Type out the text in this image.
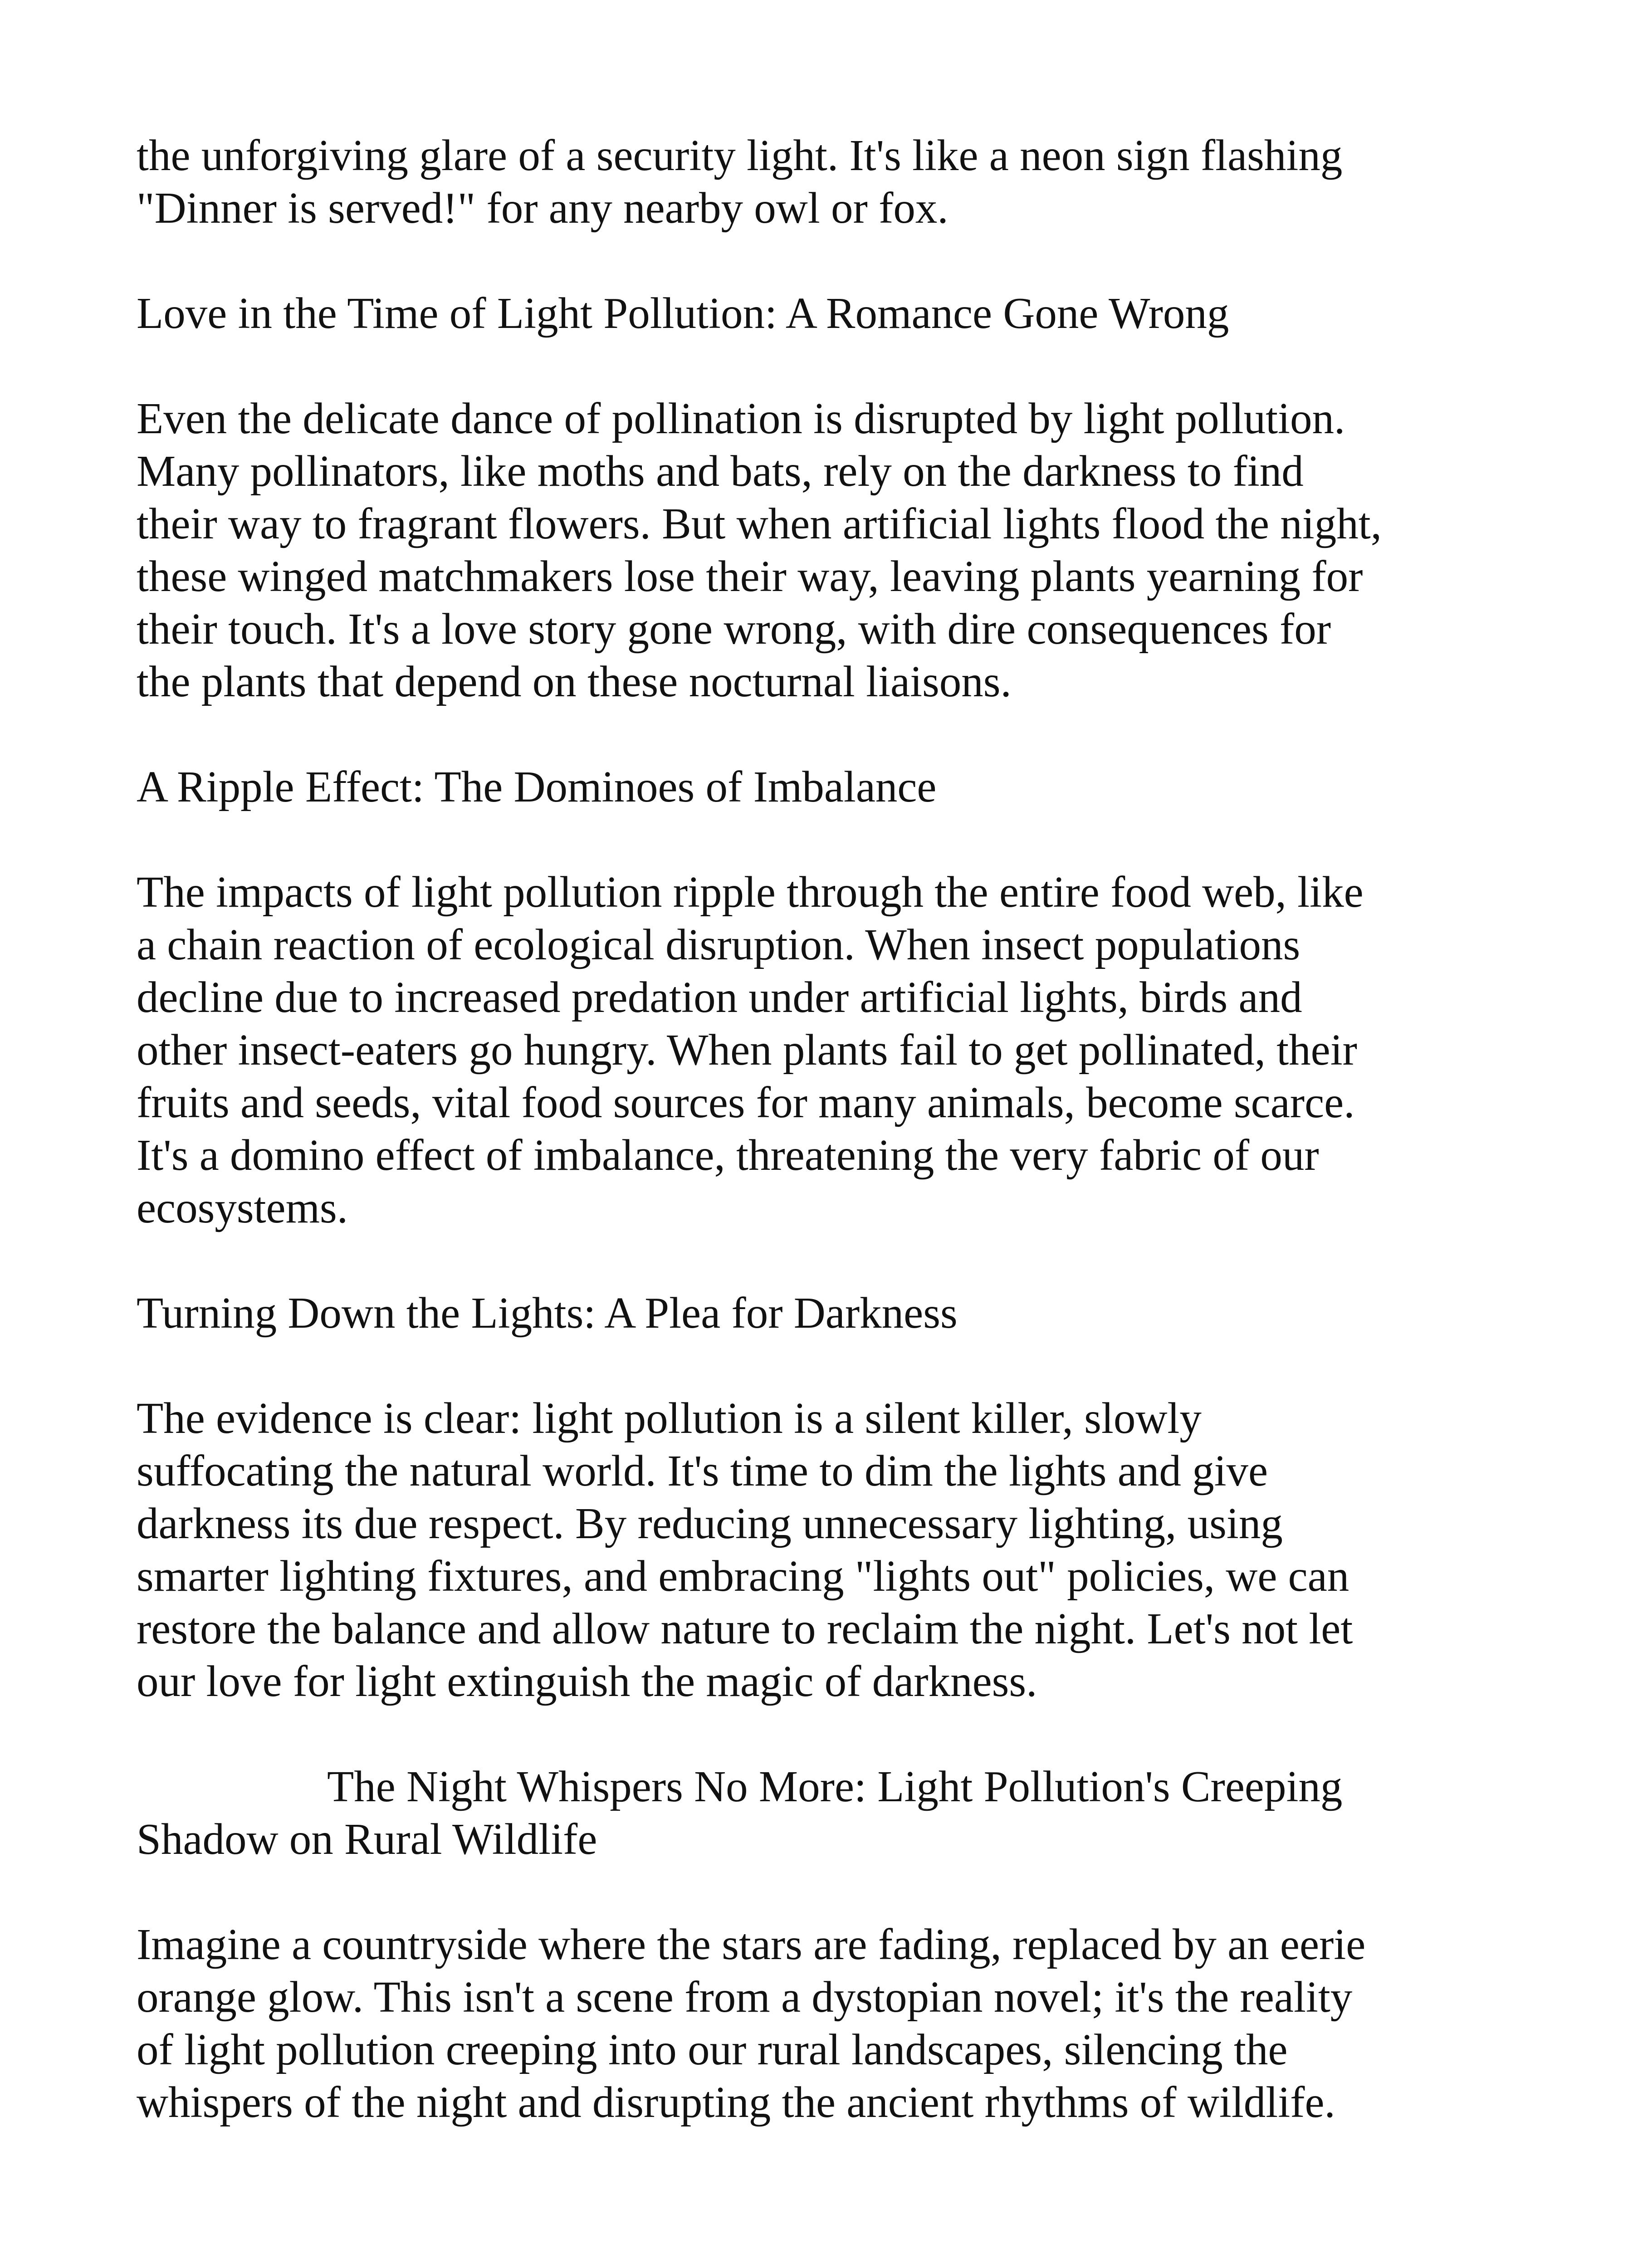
the unforgiving glare of a security light. It's like a neon sign flashing
"Dinner is served!" for any nearby owl or fox.

Love in the Time of Light Pollution: A Romance Gone Wrong

Even the delicate dance of pollination is disrupted by light pollution.
Many pollinators, like moths and bats, rely on the darkness to find
their way to fragrant flowers. But when artificial lights flood the night,
these winged matchmakers lose their way, leaving plants yearning for
their touch. It's a love story gone wrong, with dire consequences for
the plants that depend on these nocturnal liaisons.

A Ripple Effect: The Dominoes of Imbalance

The impacts of light pollution ripple through the entire food web, like
a chain reaction of ecological disruption. When insect populations
decline due to increased predation under artificial lights, birds and
other insect-eaters go hungry. When plants fail to get pollinated, their
fruits and seeds, vital food sources for many animals, become scarce.
It's a domino effect of imbalance, threatening the very fabric of our
ecosystems.

Turning Down the Lights: A Plea for Darkness

The evidence is clear: light pollution is a silent killer, slowly
suffocating the natural world. It's time to dim the lights and give
darkness its due respect. By reducing unnecessary lighting, using
smarter lighting fixtures, and embracing "lights out" policies, we can
restore the balance and allow nature to reclaim the night. Let's not let
our love for light extinguish the magic of darkness.

The Night Whispers No More: Light Pollution's Creeping
Shadow on Rural Wildlife

Imagine a countryside where the stars are fading, replaced by an eerie
orange glow. This isn't a scene from a dystopian novel; it's the reality
of light pollution creeping into our rural landscapes, silencing the
whispers of the night and disrupting the ancient rhythms of wildlife.
